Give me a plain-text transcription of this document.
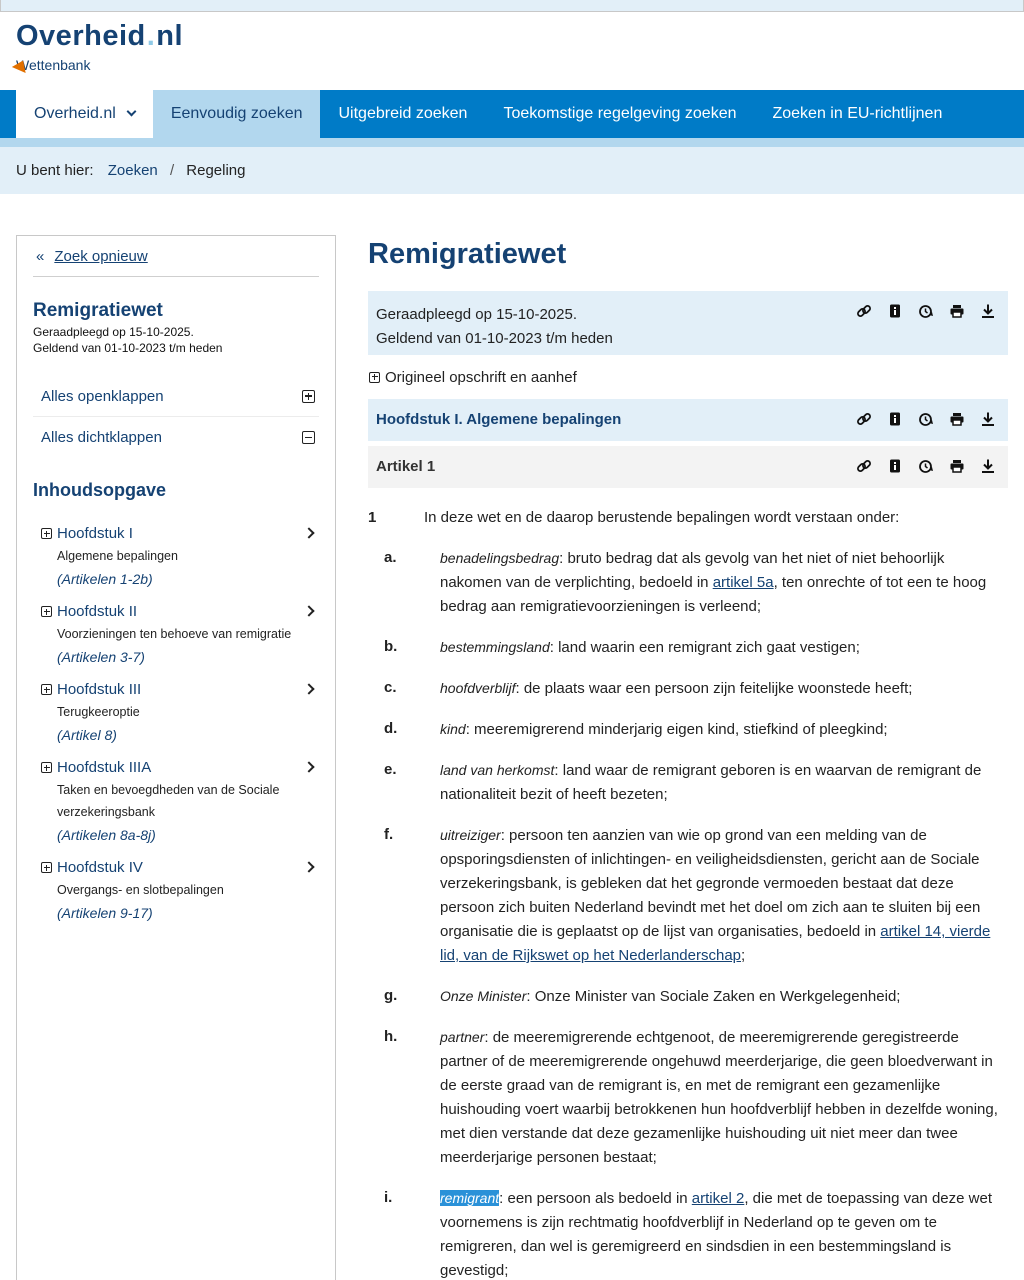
Overheid . nl
Wettenbank
Overheid.nl	Eenvoudig zoeken	Uitgebreid zoeken	Toekomstige regelgeving zoeken	Zoeken in EU-richtlijnen
U bent hier: Zoeken / Regeling
« Zoek opnieuw
Remigratiewet
Geraadpleegd op 15-10-2025.
Geldend van 01-10-2023 t/m heden
Alles openklappen
Alles dichtklappen
Inhoudsopgave
Hoofdstuk I
Algemene bepalingen
(Artikelen 1-2b)
Hoofdstuk II
Voorzieningen ten behoeve van remigratie
(Artikelen 3-7)
Hoofdstuk III
Terugkeeroptie
(Artikel 8)
Hoofdstuk IIIA
Taken en bevoegdheden van de Sociale verzekeringsbank
(Artikelen 8a-8j)
Hoofdstuk IV
Overgangs- en slotbepalingen
(Artikelen 9-17)
Remigratiewet
Geraadpleegd op 15-10-2025.
Geldend van 01-10-2023 t/m heden
Origineel opschrift en aanhef
Hoofdstuk I. Algemene bepalingen
Artikel 1
1	In deze wet en de daarop berustende bepalingen wordt verstaan onder:
a.	benadelingsbedrag: bruto bedrag dat als gevolg van het niet of niet behoorlijk nakomen van de verplichting, bedoeld in artikel 5a, ten onrechte of tot een te hoog bedrag aan remigratievoorzieningen is verleend;
b.	bestemmingsland: land waarin een remigrant zich gaat vestigen;
c.	hoofdverblijf: de plaats waar een persoon zijn feitelijke woonstede heeft;
d.	kind: meeremigrerend minderjarig eigen kind, stiefkind of pleegkind;
e.	land van herkomst: land waar de remigrant geboren is en waarvan de remigrant de nationaliteit bezit of heeft bezeten;
f.	uitreiziger: persoon ten aanzien van wie op grond van een melding van de opsporingsdiensten of inlichtingen- en veiligheidsdiensten, gericht aan de Sociale verzekeringsbank, is gebleken dat het gegronde vermoeden bestaat dat deze persoon zich buiten Nederland bevindt met het doel om zich aan te sluiten bij een organisatie die is geplaatst op de lijst van organisaties, bedoeld in artikel 14, vierde lid, van de Rijkswet op het Nederlanderschap;
g.	Onze Minister: Onze Minister van Sociale Zaken en Werkgelegenheid;
h.	partner: de meeremigrerende echtgenoot, de meeremigrerende geregistreerde partner of de meeremigrerende ongehuwd meerderjarige, die geen bloedverwant in de eerste graad van de remigrant is, en met de remigrant een gezamenlijke huishouding voert waarbij betrokkenen hun hoofdverblijf hebben in dezelfde woning, met dien verstande dat deze gezamenlijke huishouding uit niet meer dan twee meerderjarige personen bestaat;
i.	remigrant: een persoon als bedoeld in artikel 2, die met de toepassing van deze wet voornemens is zijn rechtmatig hoofdverblijf in Nederland op te geven om te remigreren, dan wel is geremigreerd en sindsdien in een bestemmingsland is gevestigd;
